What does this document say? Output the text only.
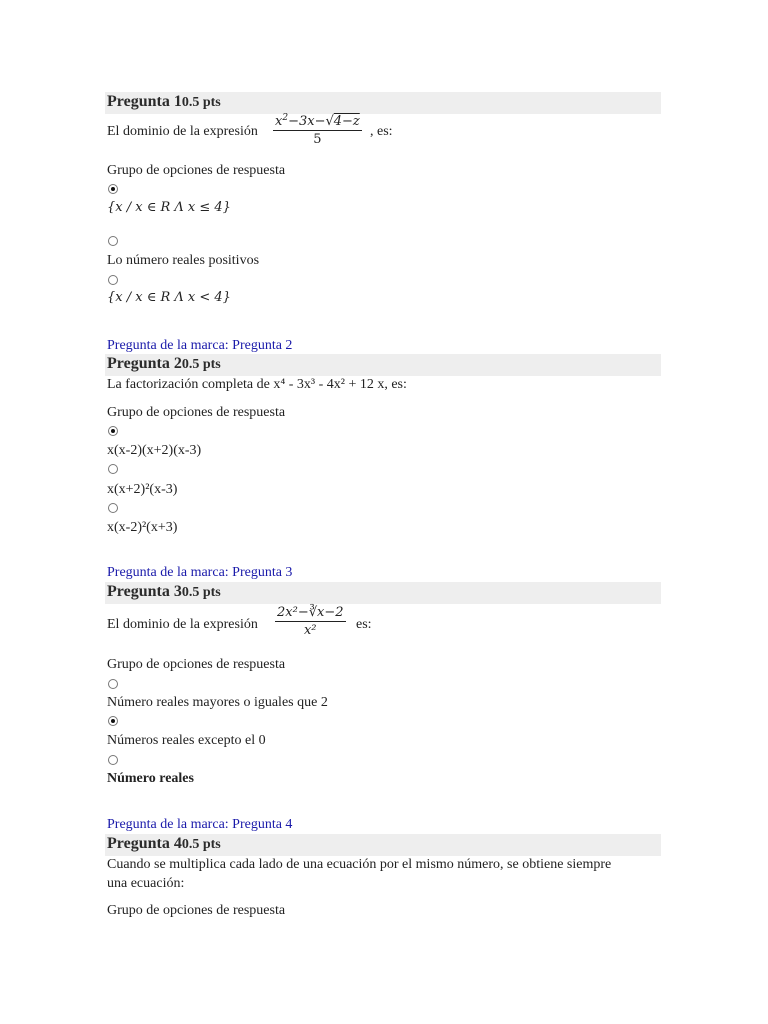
Pregunta 10.5 pts
El dominio de la expresión
$x^2-3x-√4-z$
5
, es:
Grupo de opciones de respuesta
{x / x ∈ R Λ x ≤ 4}
Lo número reales positivos
{x / x ∈ R Λ x < 4}
Pregunta de la marca: Pregunta 2
Pregunta 20.5 pts
La factorización completa de x⁴ - 3x³ - 4x² + 12 x, es:
Grupo de opciones de respuesta
x(x-2)(x+2)(x-3)
x(x+2)²(x-3)
x(x-2)²(x+3)
Pregunta de la marca: Pregunta 3
Pregunta 30.5 pts
El dominio de la expresión
2x²−∛x−2
x²	es:
Grupo de opciones de respuesta
Número reales mayores o iguales que 2
Números reales excepto el 0
Número reales
Pregunta de la marca: Pregunta 4
Pregunta 40.5 pts
Cuando se multiplica cada lado de una ecuación por el mismo número, se obtiene siempre
una ecuación:
Grupo de opciones de respuesta
